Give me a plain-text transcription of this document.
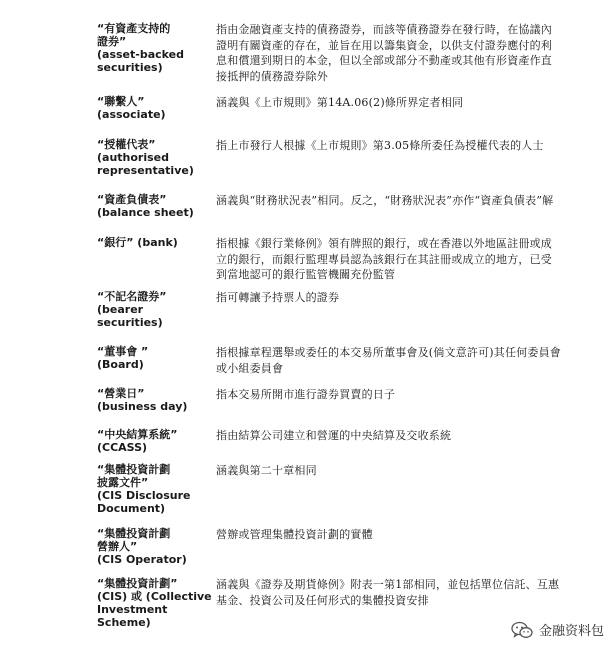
“有資產支持的
證券”
(asset-backed
securities)
指由金融資產支持的債務證券，而該等債務證券在發行時，在協議內證明有關資產的存在，並旨在用以籌集資金，以供支付證券應付的利息和償還到期日的本金，但以全部或部分不動產或其他有形資產作直接抵押的債務證券除外
“聯繫人”
(associate)
涵義與《上市規則》第14A.06(2)條所界定者相同
“授權代表”
(authorised
representative)
指上市發行人根據《上市規則》第3.05條所委任為授權代表的人士
“資產負債表”
(balance sheet)
涵義與“財務狀況表”相同。反之，“財務狀況表”亦作“資產負債表”解
“銀行” (bank)	指根據《銀行業條例》領有牌照的銀行，或在香港以外地區註冊或成立的銀行，而銀行監理專員認為該銀行在其註冊或成立的地方，已受到當地認可的銀行監管機關充份監管
“不記名證券”
(bearer
securities)
指可轉讓予持票人的證券
“董事會 ”
(Board)
指根據章程選舉或委任的本交易所董事會及(倘文意許可)其任何委員會或小組委員會
“營業日”
(business day)
指本交易所開市進行證券買賣的日子
“中央結算系統”
(CCASS)
指由結算公司建立和營運的中央結算及交收系統
“集體投資計劃
披露文件”
(CIS Disclosure
Document)
涵義與第二十章相同
“集體投資計劃
營辦人”
(CIS Operator)
營辦或管理集體投資計劃的實體
“集體投資計劃”
(CIS) 或 (Collective
Investment
Scheme)
涵義與《證券及期貨條例》附表一第1部相同，並包括單位信託、互惠基金、投資公司及任何形式的集體投資安排
金融资料包
